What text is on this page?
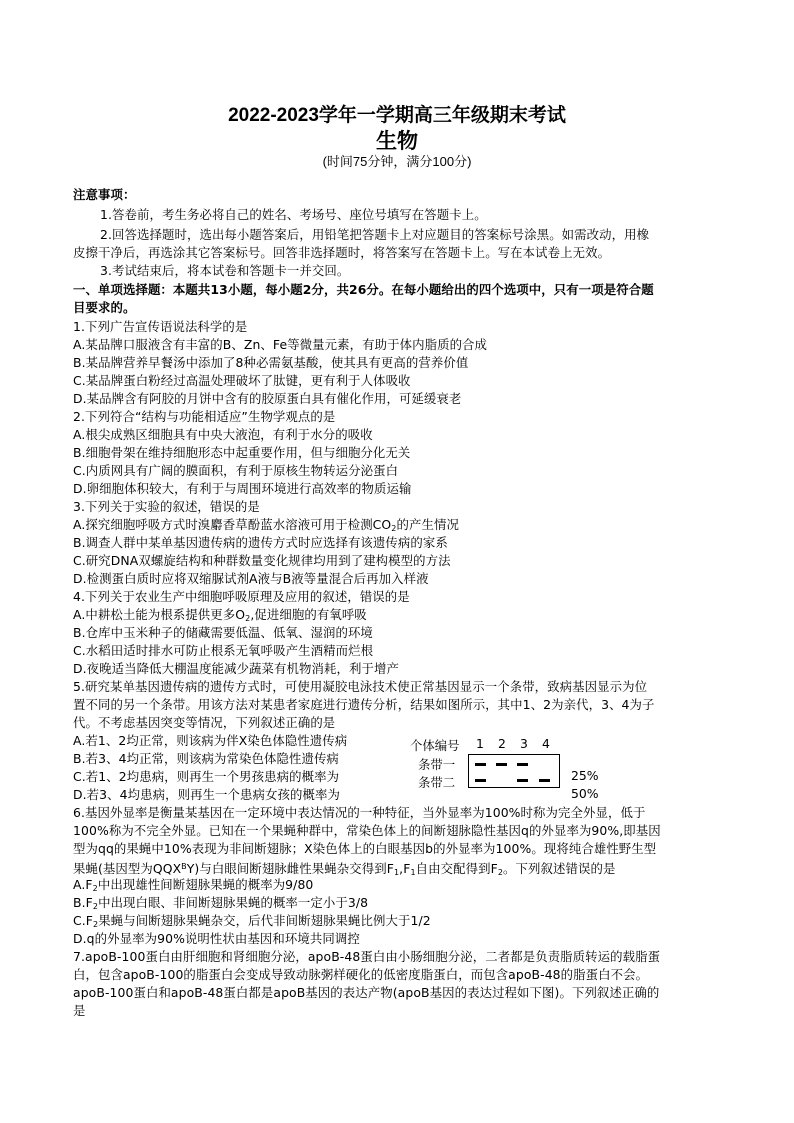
2022-2023学年一学期高三年级期末考试
生物
(时间75分钟，满分100分)
注意事项：
1.答卷前，考生务必将自己的姓名、考场号、座位号填写在答题卡上。
2.回答选择题时，选出每小题答案后，用铅笔把答题卡上对应题目的答案标号涂黑。如需改动，用橡
皮擦干净后，再选涂其它答案标号。回答非选择题时，将答案写在答题卡上。写在本试卷上无效。
3.考试结束后，将本试卷和答题卡一并交回。
一、单项选择题：本题共13小题，每小题2分，共26分。在每小题给出的四个选项中，只有一项是符合题
目要求的。
1.下列广告宣传语说法科学的是
A.某品牌口服液含有丰富的B、Zn、Fe等微量元素，有助于体内脂质的合成
B.某品牌营养早餐汤中添加了8种必需氨基酸，使其具有更高的营养价值
C.某品牌蛋白粉经过高温处理破坏了肽键，更有利于人体吸收
D.某品牌含有阿胶的月饼中含有的胶原蛋白具有催化作用，可延缓衰老
2.下列符合“结构与功能相适应”生物学观点的是
A.根尖成熟区细胞具有中央大液泡，有利于水分的吸收
B.细胞骨架在维持细胞形态中起重要作用，但与细胞分化无关
C.内质网具有广阔的膜面积，有利于原核生物转运分泌蛋白
D.卵细胞体积较大，有利于与周围环境进行高效率的物质运输
3.下列关于实验的叙述，错误的是
A.探究细胞呼吸方式时溴麝香草酚蓝水溶液可用于检测$CO_2$的产生情况
B.调查人群中某单基因遗传病的遗传方式时应选择有该遗传病的家系
C.研究DNA双螺旋结构和种群数量变化规律均用到了建构模型的方法
D.检测蛋白质时应将双缩脲试剂A液与B液等量混合后再加入样液
4.下列关于农业生产中细胞呼吸原理及应用的叙述，错误的是
A.中耕松土能为根系提供更多$O_2$,促进细胞的有氧呼吸
B.仓库中玉米种子的储藏需要低温、低氧、湿润的环境
C.水稻田适时排水可防止根系无氧呼吸产生酒精而烂根
D.夜晚适当降低大棚温度能减少蔬菜有机物消耗，利于增产
5.研究某单基因遗传病的遗传方式时，可使用凝胶电泳技术使正常基因显示一个条带，致病基因显示为位
置不同的另一个条带。用该方法对某患者家庭进行遗传分析，结果如图所示，其中1、2为亲代，3、4为子
代。不考虑基因突变等情况，下列叙述正确的是
A.若1、2均正常，则该病为伴X染色体隐性遗传病
B.若3、4均正常，则该病为常染色体隐性遗传病
C.若1、2均患病，则再生一个男孩患病的概率为	25%
D.若3、4均患病，则再生一个患病女孩的概率为	50%
个体编号 1 2 3 4
条带一
条带二
6.基因外显率是衡量某基因在一定环境中表达情况的一种特征，当外显率为100%时称为完全外显，低于
100%称为不完全外显。已知在一个果蝇种群中，常染色体上的间断翅脉隐性基因q的外显率为90%,即基因
型为qq的果蝇中10%表现为非间断翅脉；X染色体上的白眼基因b的外显率为100%。现将纯合雄性野生型
果蝇(基因型为$QQX^BY$)与白眼间断翅脉雌性果蝇杂交得到$F_1,F_1$自由交配得到$F_2$。下列叙述错误的是
$A.F_2$中出现雄性间断翅脉果蝇的概率为9/80
$B.F_2$中出现白眼、非间断翅脉果蝇的概率一定小于3/8
$C.F_2$果蝇与间断翅脉果蝇杂交，后代非间断翅脉果蝇比例大于1/2
D.q的外显率为90%说明性状由基因和环境共同调控
7.apoB-100蛋白由肝细胞和肾细胞分泌，apoB-48蛋白由小肠细胞分泌，二者都是负责脂质转运的载脂蛋
白，包含apoB-100的脂蛋白会变成导致动脉粥样硬化的低密度脂蛋白，而包含apoB-48的脂蛋白不会。
apoB-100蛋白和apoB-48蛋白都是apoB基因的表达产物(apoB基因的表达过程如下图)。下列叙述正确的
是
